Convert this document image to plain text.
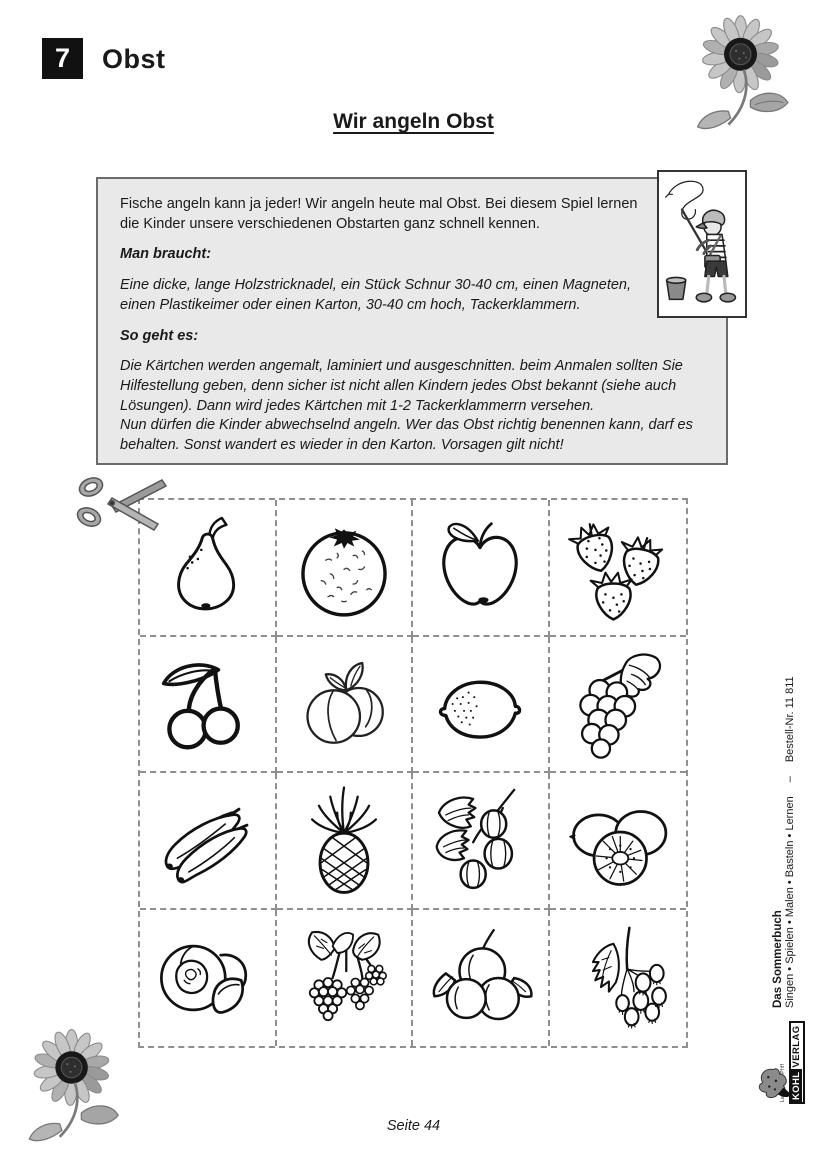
7 Obst
Wir angeln Obst

Fische angeln kann ja jeder! Wir angeln heute mal Obst. Bei diesem Spiel lernen die Kinder unsere verschiedenen Obstarten ganz schnell kennen.

Man braucht:

Eine dicke, lange Holzstricknadel, ein Stück Schnur 30-40 cm, einen Magneten, einen Plastikeimer oder einen Karton, 30-40 cm hoch, Tackerklammern.

So geht es:

Die Kärtchen werden angemalt, laminiert und ausgeschnitten. beim Anmalen sollten Sie Hilfestellung geben, denn sicher ist nicht allen Kindern jedes Obst bekannt (siehe auch Lösungen). Dann wird jedes Kärtchen mit 1-2 Tackerklammerrn versehen.

Nun dürfen die Kinder abwechselnd angeln. Wer das Obst richtig benennen kann, darf es behalten. Sonst wandert es wieder in den Karton. Vorsagen gilt nicht!

Das Sommerbuch Singen • Spielen • Malen • Basteln • Lernen–Bestell-Nr. 11 811
KOHLVERLAG
Seite 44
